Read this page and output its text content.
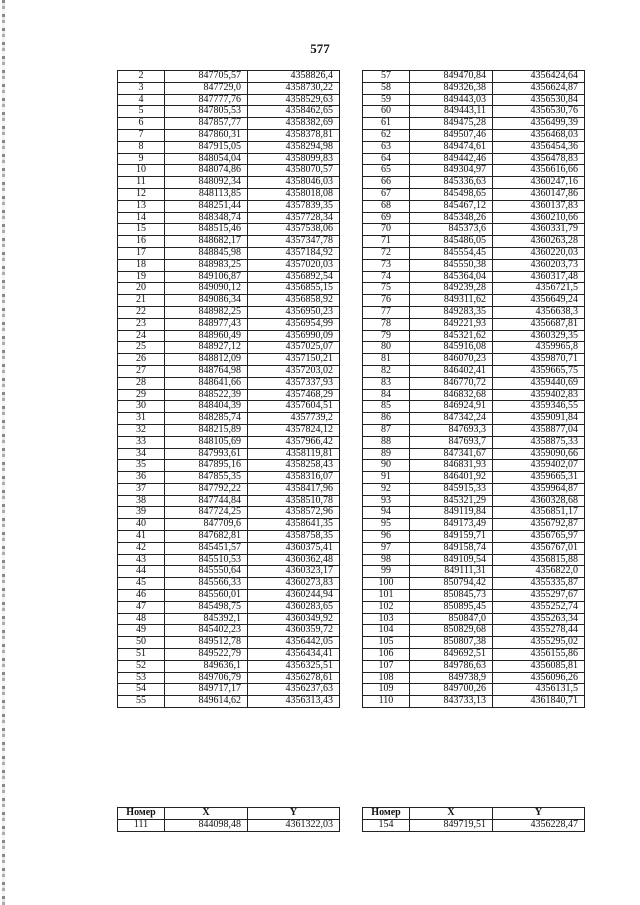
577
2	847705,57	4358826,4
3	847729,0	4358730,22
4	847777,76	4358529,63
5	847805,53	4358462,65
6	847857,77	4358382,69
7	847860,31	4358378,81
8	847915,05	4358294,98
9	848054,04	4358099,83
10	848074,86	4358070,57
11	848092,34	4358046,03
12	848113,85	4358018,08
13	848251,44	4357839,35
14	848348,74	4357728,34
15	848515,46	4357538,06
16	848682,17	4357347,78
17	848845,98	4357184,92
18	848983,25	4357020,03
19	849106,87	4356892,54
20	849090,12	4356855,15
21	849086,34	4356858,92
22	848982,25	4356950,23
23	848977,43	4356954,99
24	848960,49	4356990,09
25	848927,12	4357025,07
26	848812,09	4357150,21
27	848764,98	4357203,02
28	848641,66	4357337,93
29	848522,39	4357468,29
30	848404,39	4357604,51
31	848285,74	4357739,2
32	848215,89	4357824,12
33	848105,69	4357966,42
34	847993,61	4358119,81
35	847895,16	4358258,43
36	847855,35	4358316,07
37	847792,22	4358417,96
38	847744,84	4358510,78
39	847724,25	4358572,96
40	847709,6	4358641,35
41	847682,81	4358758,35
42	845451,57	4360375,41
43	845510,53	4360362,48
44	845550,64	4360323,17
45	845566,33	4360273,83
46	845560,01	4360244,94
47	845498,75	4360283,65
48	845392,1	4360349,92
49	845402,23	4360359,72
50	849512,78	4356442,05
51	849522,79	4356434,41
52	849636,1	4356325,51
53	849706,79	4356278,61
54	849717,17	4356237,63
55	849614,62	4356313,43
57	849470,84	4356424,64
58	849326,38	4356624,87
59	849443,03	4356530,84
60	849443,11	4356530,76
61	849475,28	4356499,39
62	849507,46	4356468,03
63	849474,61	4356454,36
64	849442,46	4356478,83
65	849304,97	4356616,66
66	845336,63	4360247,16
67	845498,65	4360147,86
68	845467,12	4360137,83
69	845348,26	4360210,66
70	845373,6	4360331,79
71	845486,05	4360263,28
72	845554,45	4360220,03
73	845550,38	4360203,73
74	845364,04	4360317,48
75	849239,28	4356721,5
76	849311,62	4356649,24
77	849283,35	4356638,3
78	849221,93	4356687,81
79	845321,62	4360329,35
80	845916,08	4359965,8
81	846070,23	4359870,71
82	846402,41	4359665,75
83	846770,72	4359440,69
84	846832,68	4359402,83
85	846924,91	4359346,55
86	847342,24	4359091,84
87	847693,3	4358877,04
88	847693,7	4358875,33
89	847341,67	4359090,66
90	846831,93	4359402,07
91	846401,92	4359665,31
92	845915,33	4359964,87
93	845321,29	4360328,68
94	849119,84	4356851,17
95	849173,49	4356792,87
96	849159,71	4356765,97
97	849158,74	4356767,01
98	849109,54	4356815,88
99	849111,31	4356822,0
100	850794,42	4355335,87
101	850845,73	4355297,67
102	850895,45	4355252,74
103	850847,0	4355263,34
104	850829,68	4355278,44
105	850807,38	4355295,02
106	849692,51	4356155,86
107	849786,63	4356085,81
108	849738,9	4356096,26
109	849700,26	4356131,5
110	843733,13	4361840,71
Номер	X	Y
111	844098,48	4361322,03
Номер	X	Y
154	849719,51	4356228,47
